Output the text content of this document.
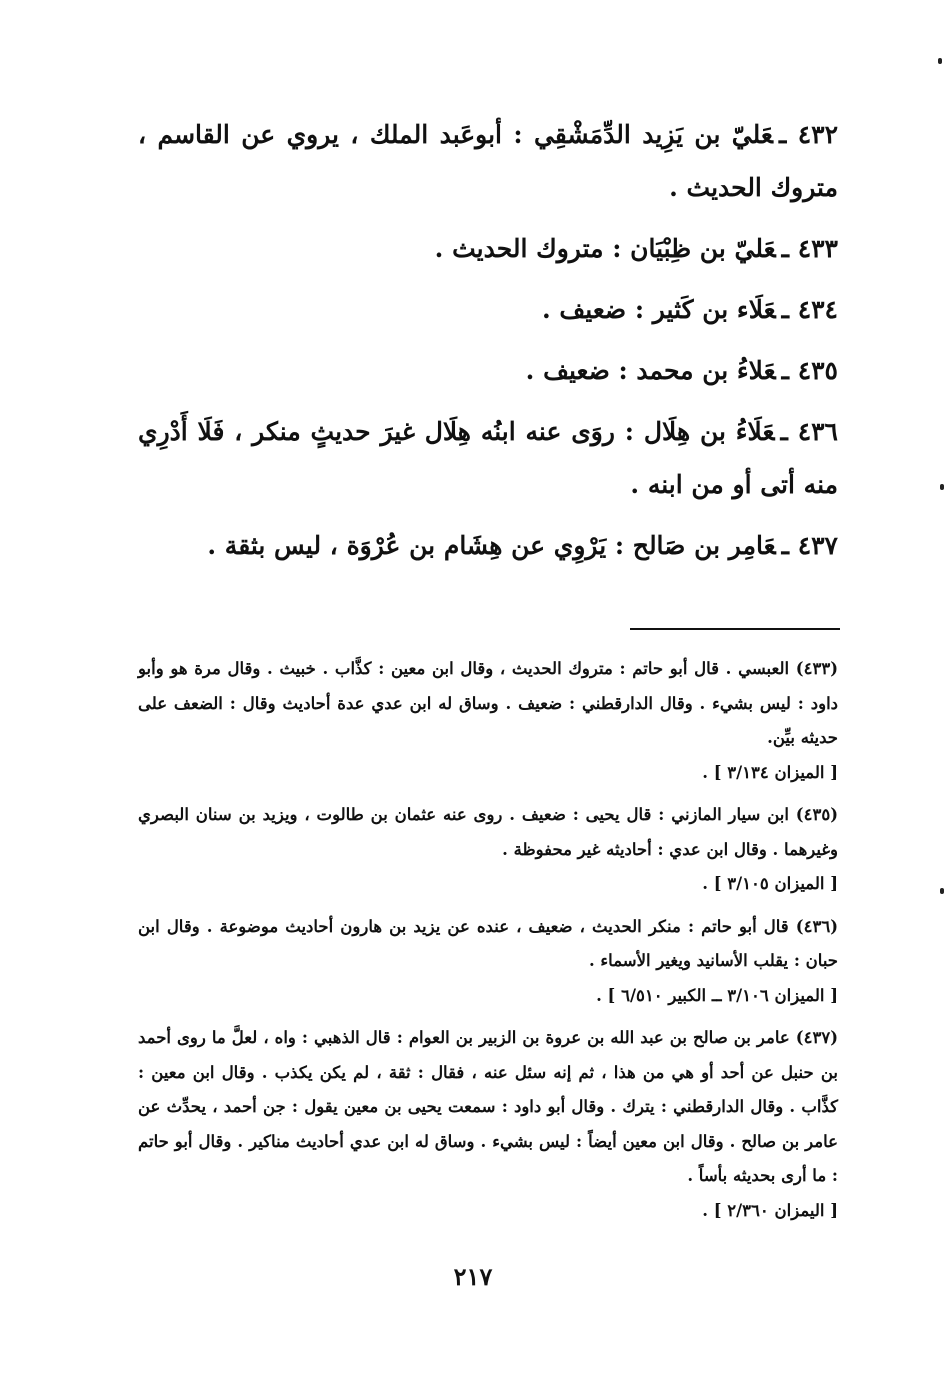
٤٣٢ ـعَليّ بن يَزِيد الدِّمَشْقِي : أبوعَبد الملك ، يروي عن القاسم ، متروك الحديث .

٤٣٣ ـعَليّ بن ظِبْيَان : متروك الحديث .

٤٣٤ ـعَلَاء بن كَثير : ضعيف .

٤٣٥ ـعَلاءُ بن محمد : ضعيف .

٤٣٦ ـعَلَاءُ بن هِلَال : روَى عنه ابنُه هِلَال غيرَ حديثٍ منكر ، فَلَا أَدْرِي منه أتى أو من ابنه .

٤٣٧ ـعَامِر بن صَالح : يَرْوِي عن هِشَام بن عُرْوَة ، ليس بثقة .

(٤٣٣) العبسي . قال أبو حاتم : متروك الحديث ، وقال ابن معين : كذَّاب . خبيث . وقال مرة هو وأبو داود : ليس بشيء . وقال الدارقطني : ضعيف . وساق له ابن عدي عدة أحاديث وقال : الضعف على حديثه بيِّن.
[ الميزان ٣/١٣٤ ] .

(٤٣٥) ابن سيار المازني : قال يحيى : ضعيف . روى عنه عثمان بن طالوت ، ويزيد بن سنان البصري وغيرهما . وقال ابن عدي : أحاديثه غير محفوظة .
[ الميزان ٣/١٠٥ ] .

(٤٣٦) قال أبو حاتم : منكر الحديث ، ضعيف ، عنده عن يزيد بن هارون أحاديث موضوعة . وقال ابن حبان : يقلب الأسانيد ويغير الأسماء .
[ الميزان ٣/١٠٦ ــ الكبير ٦/٥١٠ ] .

(٤٣٧) عامر بن صالح بن عبد الله بن عروة بن الزبير بن العوام : قال الذهبي : واه ، لعلَّ ما روى أحمد بن حنبل عن أحد أو هي من هذا ، ثم إنه سئل عنه ، فقال : ثقة ، لم يكن يكذب . وقال ابن معين : كذَّاب . وقال الدارقطني : يترك . وقال أبو داود : سمعت يحيى بن معين يقول : جن أحمد ، يحدِّث عن عامر بن صالح . وقال ابن معين أيضاً : ليس بشيء . وساق له ابن عدي أحاديث مناكير . وقال أبو حاتم : ما أرى بحديثه بأساً .
[ اليمزان ٢/٣٦٠ ] .

٢١٧
